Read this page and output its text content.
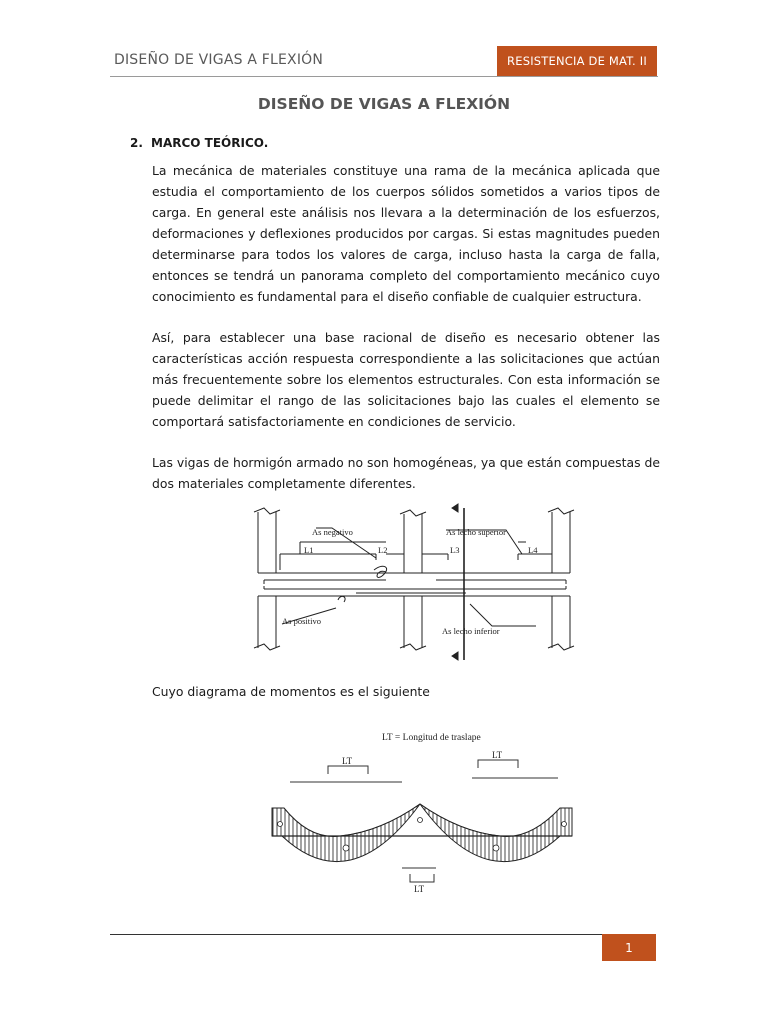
DISEÑO DE VIGAS A FLEXIÓN	RESISTENCIA DE MAT. II
DISEÑO DE VIGAS A FLEXIÓN
2. MARCO TEÓRICO.

La mecánica de materiales constituye una rama de la mecánica aplicada que estudia el comportamiento de los cuerpos sólidos sometidos a varios tipos de carga. En general este análisis nos llevara a la determinación de los esfuerzos, deformaciones y deflexiones producidos por cargas. Si estas magnitudes pueden determinarse para todos los valores de carga, incluso hasta la carga de falla, entonces se tendrá un panorama completo del comportamiento mecánico cuyo conocimiento es fundamental para el diseño confiable de cualquier estructura.

Así, para establecer una base racional de diseño es necesario obtener las características acción respuesta correspondiente a las solicitaciones que actúan más frecuentemente sobre los elementos estructurales. Con esta información se puede delimitar el rango de las solicitaciones bajo las cuales el elemento se comportará satisfactoriamente en condiciones de servicio.

Las vigas de hormigón armado no son homogéneas, ya que están compuestas de dos materiales completamente diferentes.

As negativo	As lecho superior
As positivo
As lecho inferior
L1	L2	L3	L4

Cuyo diagrama de momentos es el siguiente

LT = Longitud de traslape
LT
LT
LT
1
